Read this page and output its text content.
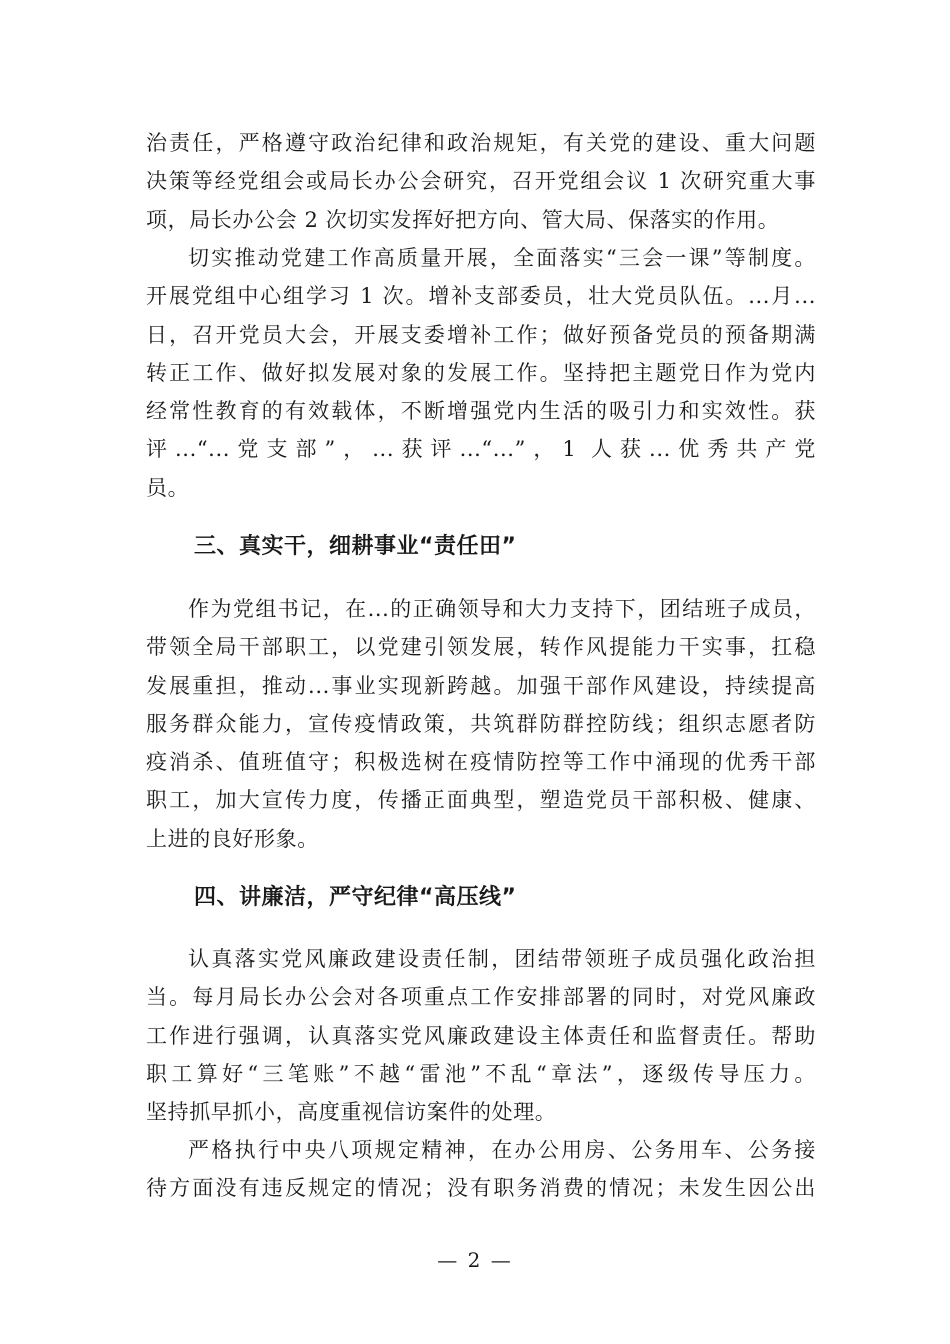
治责任，严格遵守政治纪律和政治规矩，有关党的建设、重大问题
决策等经党组会或局长办公会研究，召开党组会议 1 次研究重大事
项，局长办公会 2 次切实发挥好把方向、管大局、保落实的作用。

切实推动党建工作高质量开展，全面落实“三会一课”等制度。
开展党组中心组学习 1 次。增补支部委员，壮大党员队伍。...月...
日，召开党员大会，开展支委增补工作；做好预备党员的预备期满
转正工作、做好拟发展对象的发展工作。坚持把主题党日作为党内
经常性教育的有效载体，不断增强党内生活的吸引力和实效性。获
评...“...党支部”，...获评...“...”，1 人获...优秀共产党
员。

三、真实干，细耕事业“责任田”

作为党组书记，在...的正确领导和大力支持下，团结班子成员，
带领全局干部职工，以党建引领发展，转作风提能力干实事，扛稳
发展重担，推动...事业实现新跨越。加强干部作风建设，持续提高
服务群众能力，宣传疫情政策，共筑群防群控防线；组织志愿者防
疫消杀、值班值守；积极选树在疫情防控等工作中涌现的优秀干部
职工，加大宣传力度，传播正面典型，塑造党员干部积极、健康、
上进的良好形象。

四、讲廉洁，严守纪律“高压线”

认真落实党风廉政建设责任制，团结带领班子成员强化政治担
当。每月局长办公会对各项重点工作安排部署的同时，对党风廉政
工作进行强调，认真落实党风廉政建设主体责任和监督责任。帮助
职工算好“三笔账”不越“雷池”不乱“章法”，逐级传导压力。
坚持抓早抓小，高度重视信访案件的处理。

严格执行中央八项规定精神，在办公用房、公务用车、公务接
待方面没有违反规定的情况；没有职务消费的情况；未发生因公出

— 2 —
